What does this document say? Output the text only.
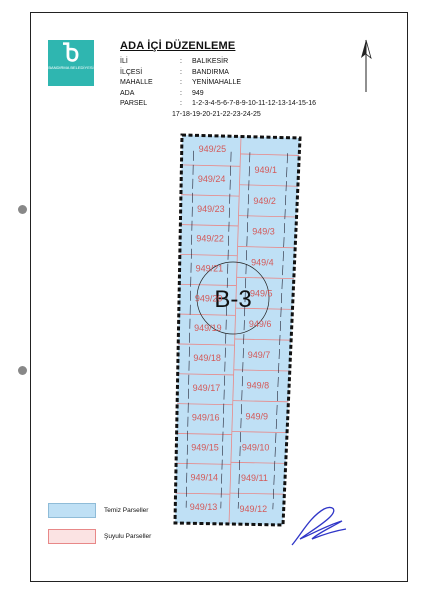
Ⴆ
BANDIRMA BELEDİYESİ
ADA İÇİ DÜZENLEME
İLİ	: BALIKESİR
İLÇESİ	: BANDIRMA
MAHALLE	: YENİMAHALLE
ADA	: 949
PARSEL	: 1-2-3-4-5-6-7-8-9-10-11-12-13-14-15-16
17-18-19-20-21-22-23-24-25
B-3
949/25
949/24
949/23
949/22
949/21
949/20
949/19
949/18
949/17
949/16
949/15
949/14
949/13
949/1
949/2
949/3
949/4
949/5
949/6
949/7
949/8
949/9
949/10
949/11
949/12
Temiz Parseller
Şuyulu Parseller
